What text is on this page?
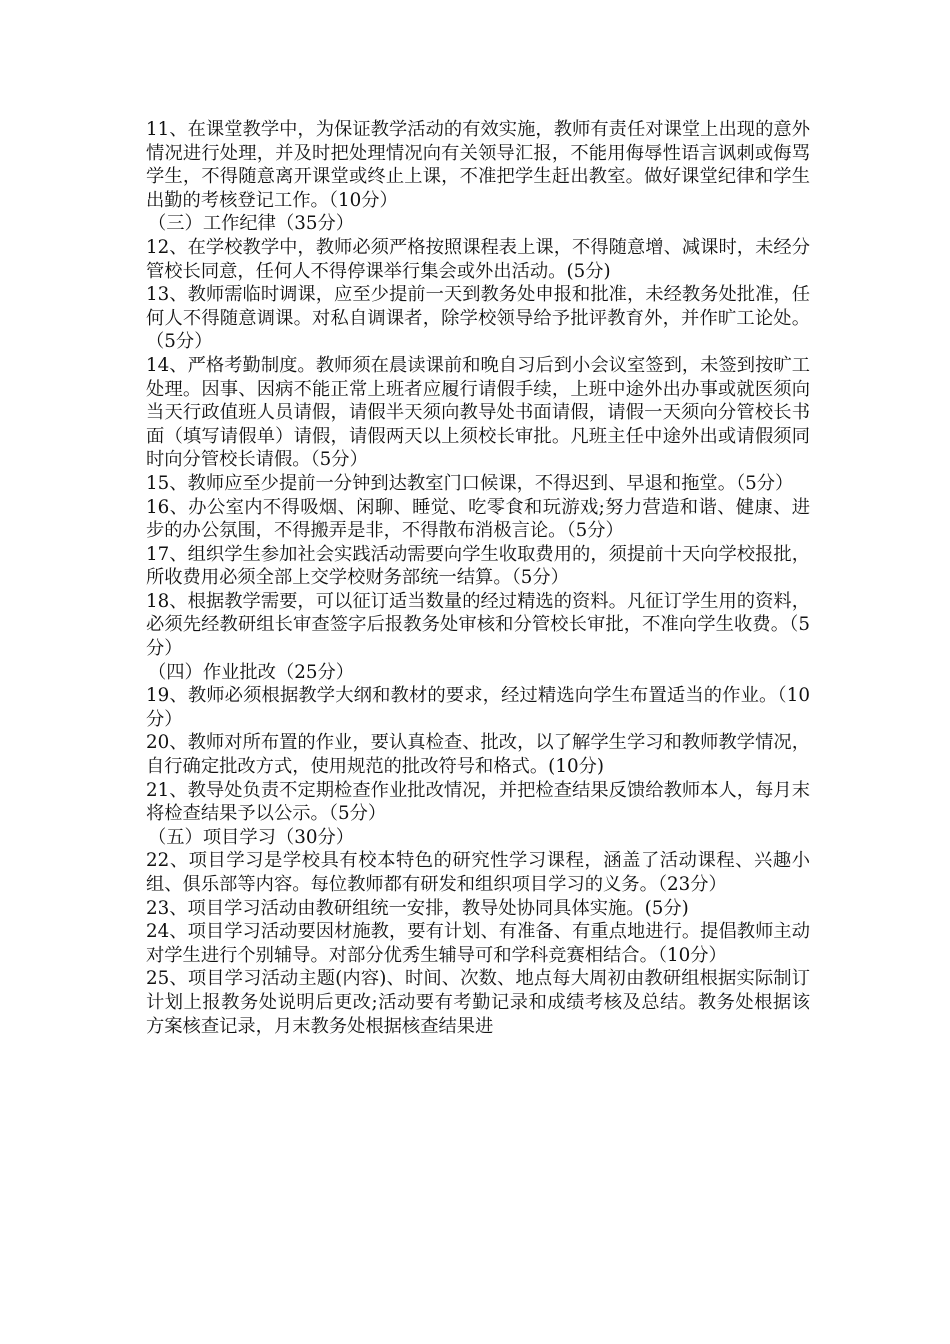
11、在课堂教学中，为保证教学活动的有效实施，教师有责任对课堂上出现的意外情况进行处理，并及时把处理情况向有关领导汇报，不能用侮辱性语言讽刺或侮骂学生，不得随意离开课堂或终止上课，不准把学生赶出教室。做好课堂纪律和学生出勤的考核登记工作。（10分）

（三）工作纪律（35分）

12、在学校教学中，教师必须严格按照课程表上课，不得随意增、减课时，未经分管校长同意，任何人不得停课举行集会或外出活动。(5分)

13、教师需临时调课，应至少提前一天到教务处申报和批准，未经教务处批准，任何人不得随意调课。对私自调课者，除学校领导给予批评教育外，并作旷工论处。（5分）

14、严格考勤制度。教师须在晨读课前和晚自习后到小会议室签到，未签到按旷工处理。因事、因病不能正常上班者应履行请假手续，上班中途外出办事或就医须向当天行政值班人员请假，请假半天须向教导处书面请假，请假一天须向分管校长书面（填写请假单）请假，请假两天以上须校长审批。凡班主任中途外出或请假须同时向分管校长请假。（5分）

15、教师应至少提前一分钟到达教室门口候课，不得迟到、早退和拖堂。（5分）

16、办公室内不得吸烟、闲聊、睡觉、吃零食和玩游戏;努力营造和谐、健康、进步的办公氛围，不得搬弄是非，不得散布消极言论。（5分）

17、组织学生参加社会实践活动需要向学生收取费用的，须提前十天向学校报批，所收费用必须全部上交学校财务部统一结算。（5分）

18、根据教学需要，可以征订适当数量的经过精选的资料。凡征订学生用的资料，必须先经教研组长审查签字后报教务处审核和分管校长审批，不准向学生收费。（5分）

（四）作业批改（25分）

19、教师必须根据教学大纲和教材的要求，经过精选向学生布置适当的作业。（10分）

20、教师对所布置的作业，要认真检查、批改，以了解学生学习和教师教学情况，自行确定批改方式，使用规范的批改符号和格式。(10分)

21、教导处负责不定期检查作业批改情况，并把检查结果反馈给教师本人，每月末将检查结果予以公示。（5分）

（五）项目学习（30分）

22、项目学习是学校具有校本特色的研究性学习课程，涵盖了活动课程、兴趣小组、俱乐部等内容。每位教师都有研发和组织项目学习的义务。（23分）

23、项目学习活动由教研组统一安排，教导处协同具体实施。(5分)

24、项目学习活动要因材施教，要有计划、有准备、有重点地进行。提倡教师主动对学生进行个别辅导。对部分优秀生辅导可和学科竞赛相结合。（10分）

25、项目学习活动主题(内容)、时间、次数、地点每大周初由教研组根据实际制订计划上报教务处说明后更改;活动要有考勤记录和成绩考核及总结。教务处根据该方案核查记录，月末教务处根据核查结果进
